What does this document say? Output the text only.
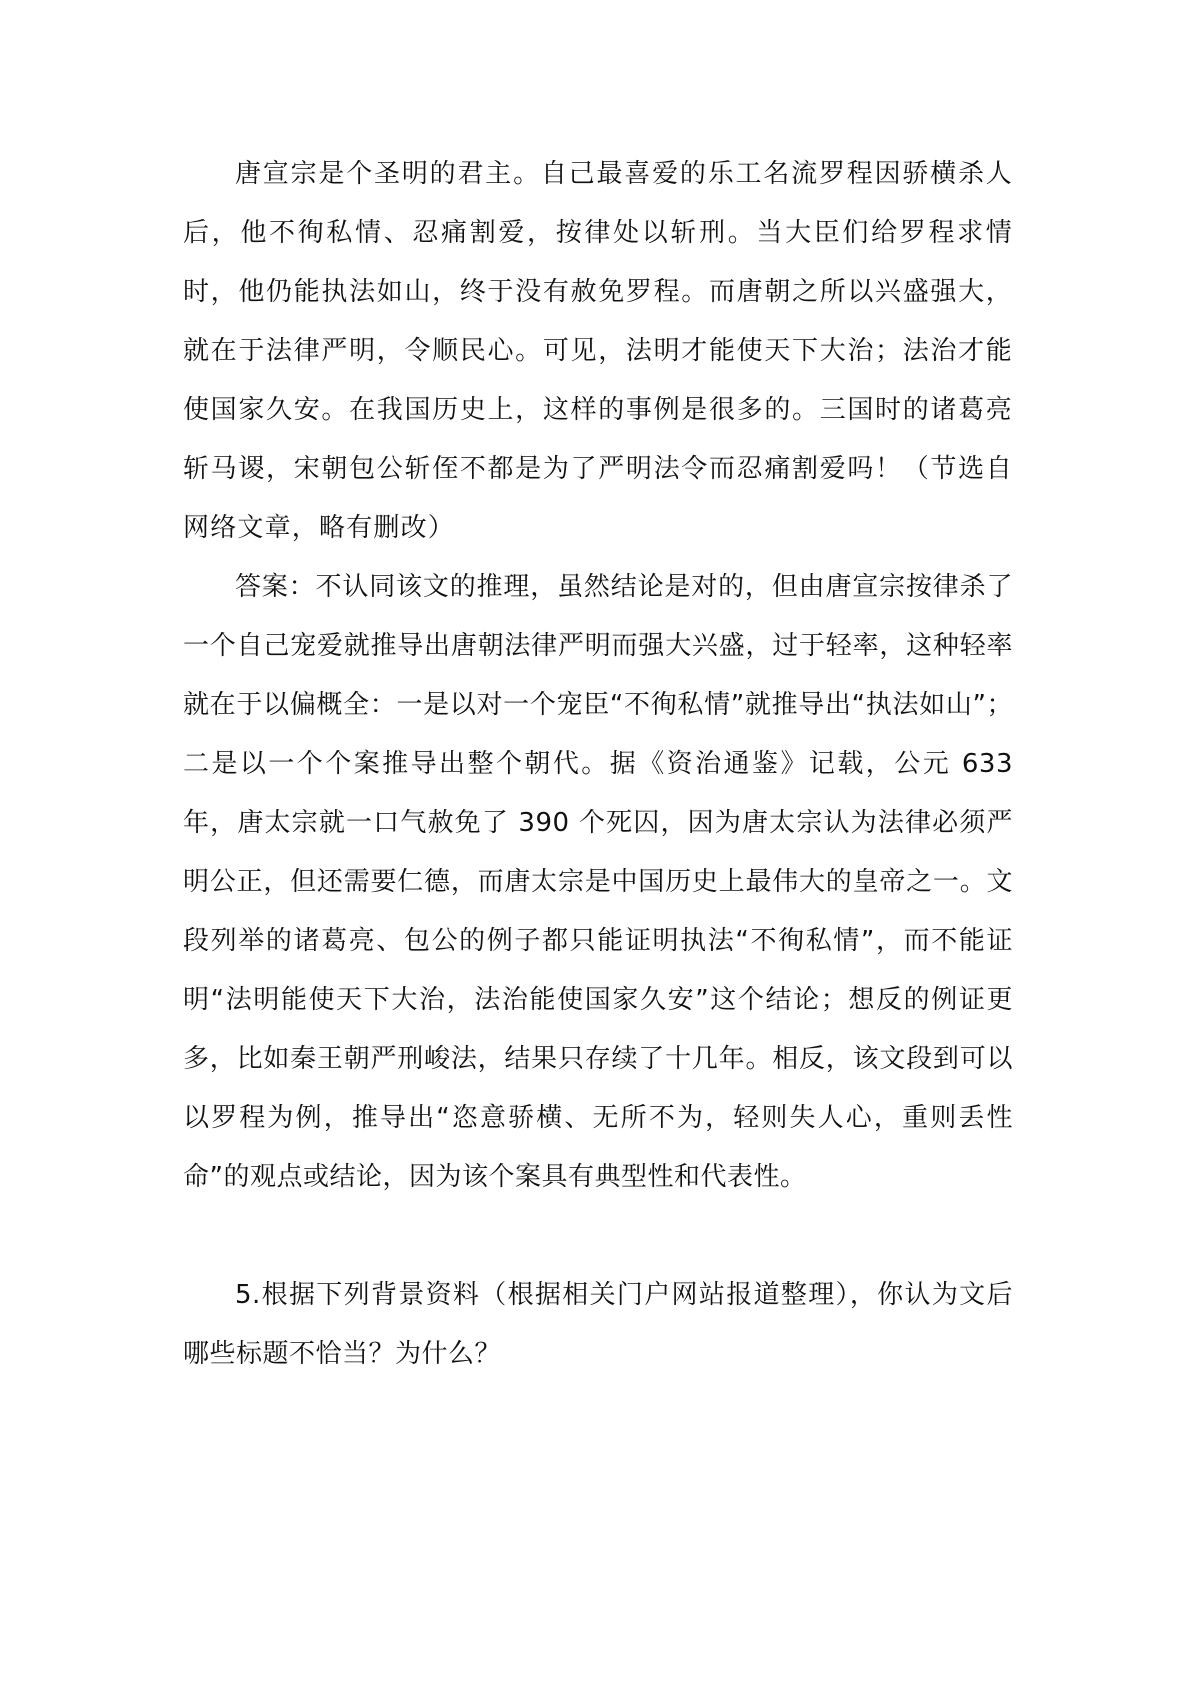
唐宣宗是个圣明的君主。自己最喜爱的乐工名流罗程因骄横杀人后，他不徇私情、忍痛割爱，按律处以斩刑。当大臣们给罗程求情时，他仍能执法如山，终于没有赦免罗程。而唐朝之所以兴盛强大，就在于法律严明，令顺民心。可见，法明才能使天下大治；法治才能使国家久安。在我国历史上，这样的事例是很多的。三国时的诸葛亮斩马谡，宋朝包公斩侄不都是为了严明法令而忍痛割爱吗！（节选自网络文章，略有删改）

答案：不认同该文的推理，虽然结论是对的，但由唐宣宗按律杀了一个自己宠爱就推导出唐朝法律严明而强大兴盛，过于轻率，这种轻率就在于以偏概全：一是以对一个宠臣“不徇私情”就推导出“执法如山”；二是以一个个案推导出整个朝代。据《资治通鉴》记载，公元 633 年，唐太宗就一口气赦免了 390 个死囚，因为唐太宗认为法律必须严明公正，但还需要仁德，而唐太宗是中国历史上最伟大的皇帝之一。文段列举的诸葛亮、包公的例子都只能证明执法“不徇私情”，而不能证明“法明能使天下大治，法治能使国家久安”这个结论；想反的例证更多，比如秦王朝严刑峻法，结果只存续了十几年。相反，该文段到可以以罗程为例，推导出“恣意骄横、无所不为，轻则失人心，重则丢性命”的观点或结论，因为该个案具有典型性和代表性。

5.根据下列背景资料（根据相关门户网站报道整理），你认为文后哪些标题不恰当？为什么？
